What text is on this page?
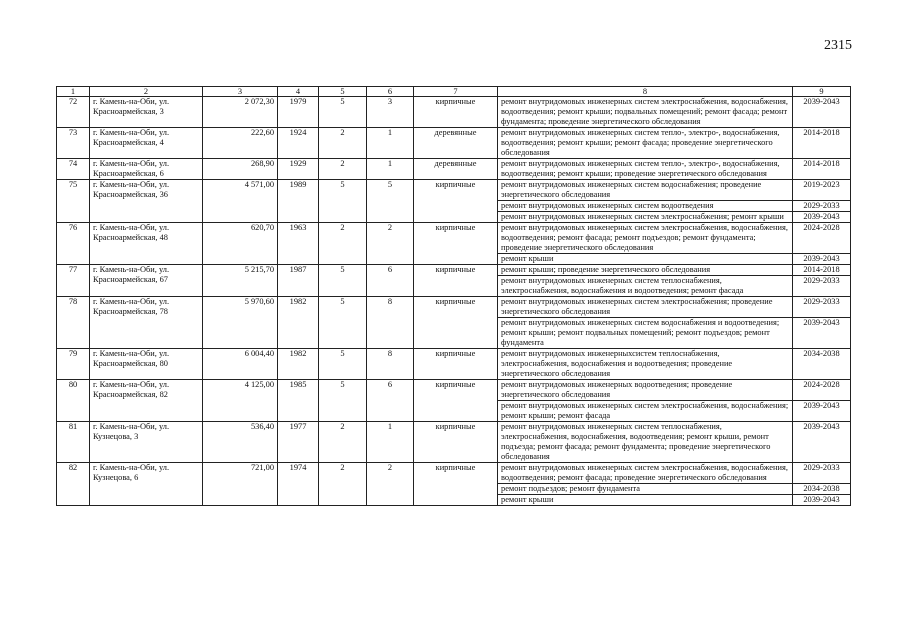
2315
1	2	3	4	5	6	7	8	9
72	г. Камень-на-Оби, ул. Красноармейская, 3	2 072,30	1979	5	3	кирпичные	ремонт внутридомовых инженерных систем электроснабжения, водоснабжения, водоотведения; ремонт крыши; подвальных помещений; ремонт фасада; ремонт фундамента; проведение энергетического обследования	2039-2043
73	г. Камень-на-Оби, ул. Красноармейская, 4	222,60	1924	2	1	деревянные	ремонт внутридомовых инженерных систем тепло-, электро-, водоснабжения, водоотведения; ремонт крыши; ремонт фасада; проведение энергетического обследования	2014-2018
74	г. Камень-на-Оби, ул. Красноармейская, 6	268,90	1929	2	1	деревянные	ремонт внутридомовых инженерных систем тепло-, электро-, водоснабжения, водоотведения; ремонт крыши; проведение энергетического обследования	2014-2018
75	г. Камень-на-Оби, ул. Красноармейская, 36	4 571,00	1989	5	5	кирпичные	ремонт внутридомовых инженерных систем водоснабжения; проведение энергетического обследования	2019-2023
							ремонт внутридомовых инженерных систем водоотведения	2029-2033
							ремонт внутридомовых инженерных систем электроснабжения; ремонт крыши	2039-2043
76	г. Камень-на-Оби, ул. Красноармейская, 48	620,70	1963	2	2	кирпичные	ремонт внутридомовых инженерных систем электроснабжения, водоснабжения, водоотведения; ремонт фасада; ремонт подъездов; ремонт фундамента; проведение энергетического обследования	2024-2028
							ремонт крыши	2039-2043
77	г. Камень-на-Оби, ул. Красноармейская, 67	5 215,70	1987	5	6	кирпичные	ремонт крыши; проведение энергетического обследования	2014-2018
							ремонт внутридомовых инженерных систем теплоснабжения, электроснабжения, водоснабжения и водоотведения; ремонт фасада	2029-2033
78	г. Камень-на-Оби, ул. Красноармейская, 78	5 970,60	1982	5	8	кирпичные	ремонт внутридомовых инженерных систем электроснабжения; проведение энергетического обследования	2029-2033
							ремонт внутридомовых инженерных систем водоснабжения и водоотведения; ремонт крыши; ремонт подвальных помещений; ремонт подъездов; ремонт фундамента	2039-2043
79	г. Камень-на-Оби, ул. Красноармейская, 80	6 004,40	1982	5	8	кирпичные	ремонт внутридомовых инженерныхсистем теплоснабжения, электроснабжения, водоснабжения и водоотведения; проведение энергетического обследования	2034-2038
80	г. Камень-на-Оби, ул. Красноармейская, 82	4 125,00	1985	5	6	кирпичные	ремонт внутридомовых инженерных водоотведения; проведение энергетического обследования	2024-2028
							ремонт внутридомовых инженерных систем электроснабжения, водоснабжения; ремонт крыши; ремонт фасада	2039-2043
81	г. Камень-на-Оби, ул. Кузнецова, 3	536,40	1977	2	1	кирпичные	ремонт внутридомовых инженерных систем теплоснабжения, электроснабжения, водоснабжения, водоотведения; ремонт крыши, ремонт подъезда; ремонт фасада; ремонт фундамента; проведение энергетического обследования	2039-2043
82	г. Камень-на-Оби, ул. Кузнецова, 6	721,00	1974	2	2	кирпичные	ремонт внутридомовых инженерных систем электроснабжения, водоснабжения, водоотведения; ремонт фасада; проведение энергетического обследования	2029-2033
							ремонт подъездов; ремонт фундамента	2034-2038
							ремонт крыши	2039-2043
